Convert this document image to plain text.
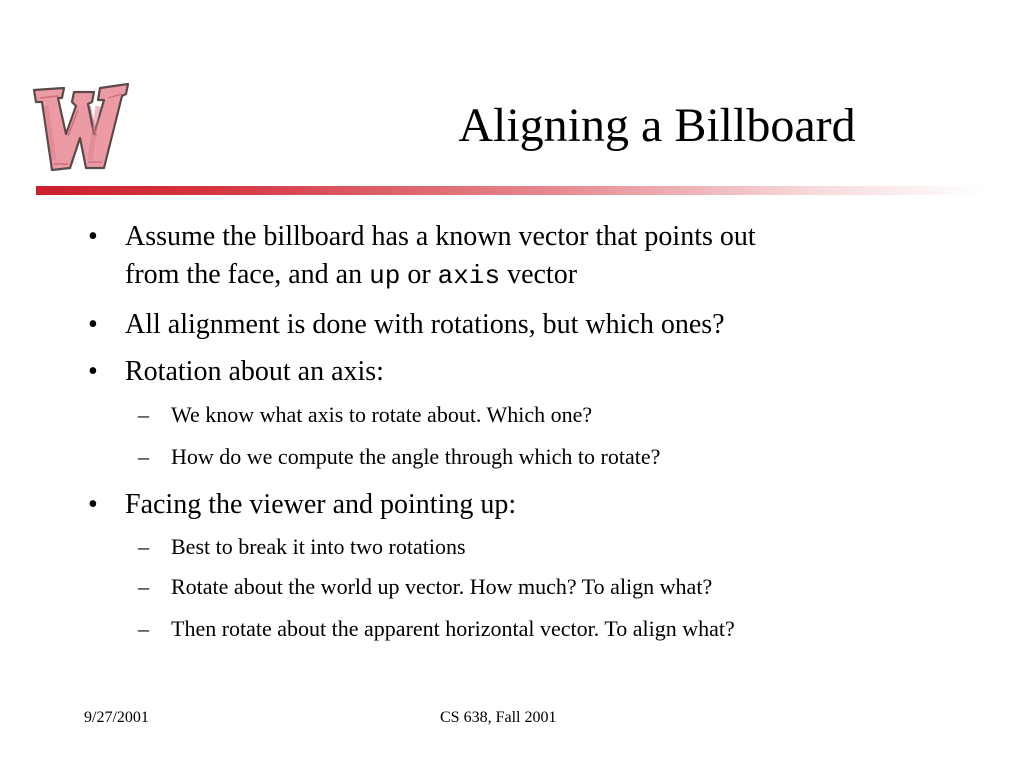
Aligning a Billboard
• Assume the billboard has a known vector that points out
from the face, and an up or axis vector
• All alignment is done with rotations, but which ones?
• Rotation about an axis:
– We know what axis to rotate about. Which one?
– How do we compute the angle through which to rotate?
• Facing the viewer and pointing up:
– Best to break it into two rotations
– Rotate about the world up vector. How much? To align what?
– Then rotate about the apparent horizontal vector. To align what?
9/27/2001	CS 638, Fall 2001
